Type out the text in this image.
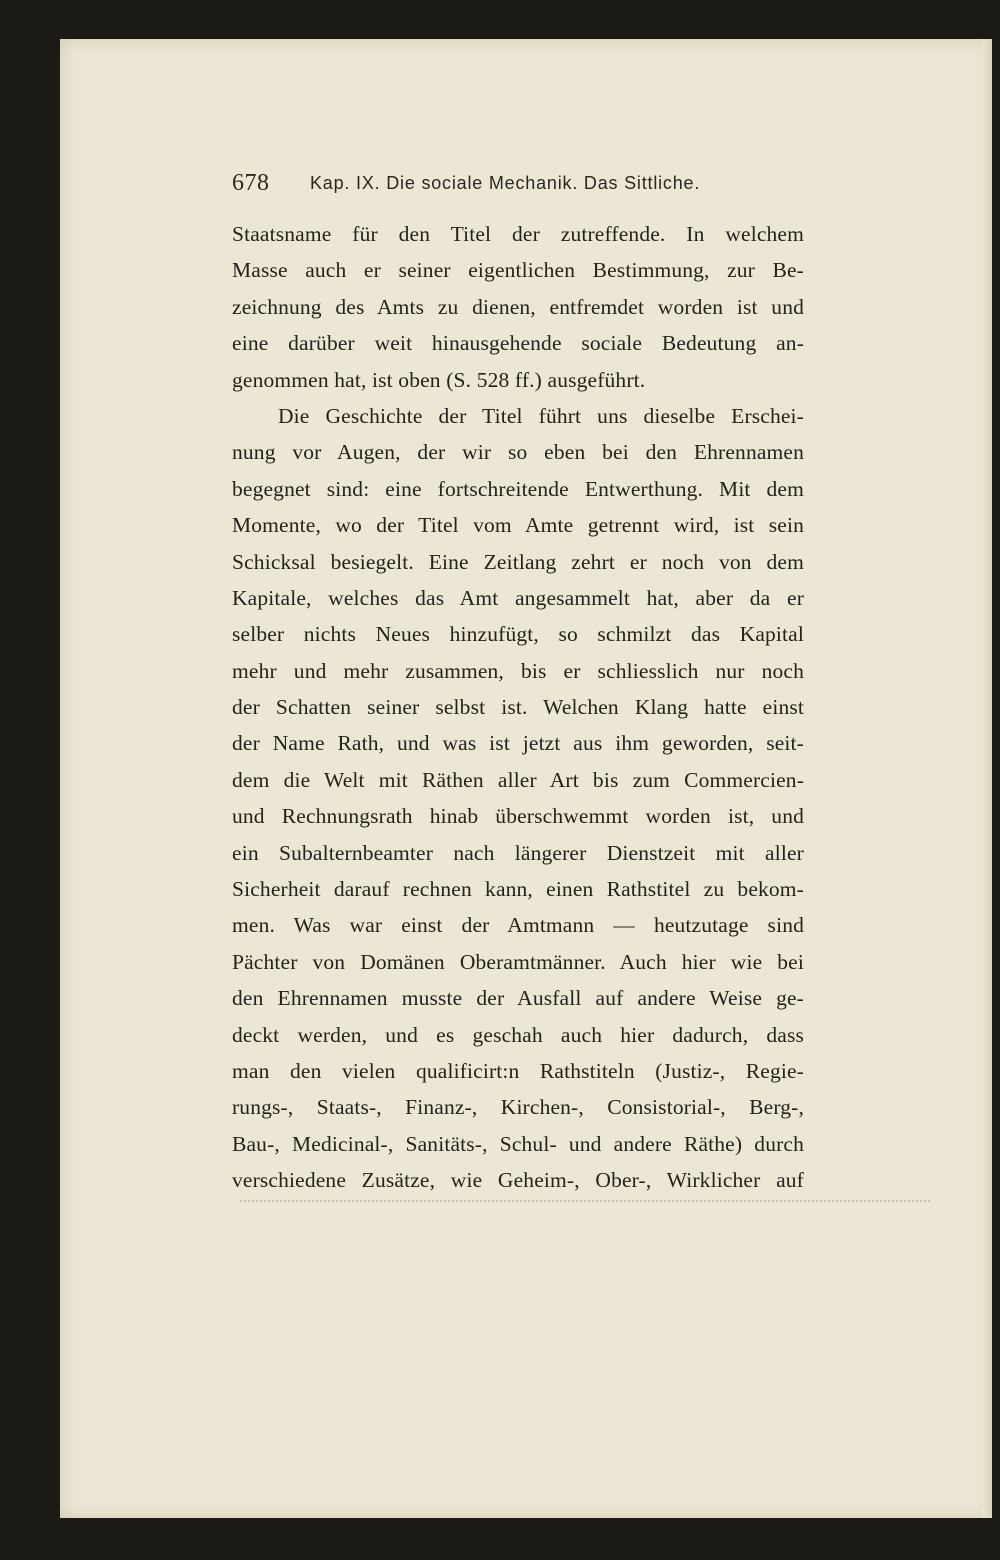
678 Kap. IX. Die sociale Mechanik. Das Sittliche.
Staatsname für den Titel der zutreffende. In welchem
Masse auch er seiner eigentlichen Bestimmung, zur Be-
zeichnung des Amts zu dienen, entfremdet worden ist und
eine darüber weit hinausgehende sociale Bedeutung an-
genommen hat, ist oben (S. 528 ff.) ausgeführt.
Die Geschichte der Titel führt uns dieselbe Erschei-
nung vor Augen, der wir so eben bei den Ehrennamen
begegnet sind: eine fortschreitende Entwerthung. Mit dem
Momente, wo der Titel vom Amte getrennt wird, ist sein
Schicksal besiegelt. Eine Zeitlang zehrt er noch von dem
Kapitale, welches das Amt angesammelt hat, aber da er
selber nichts Neues hinzufügt, so schmilzt das Kapital
mehr und mehr zusammen, bis er schliesslich nur noch
der Schatten seiner selbst ist. Welchen Klang hatte einst
der Name Rath, und was ist jetzt aus ihm geworden, seit-
dem die Welt mit Räthen aller Art bis zum Commercien-
und Rechnungsrath hinab überschwemmt worden ist, und
ein Subalternbeamter nach längerer Dienstzeit mit aller
Sicherheit darauf rechnen kann, einen Rathstitel zu bekom-
men. Was war einst der Amtmann — heutzutage sind
Pächter von Domänen Oberamtmänner. Auch hier wie bei
den Ehrennamen musste der Ausfall auf andere Weise ge-
deckt werden, und es geschah auch hier dadurch, dass
man den vielen qualificirt:n Rathstiteln (Justiz-, Regie-
rungs-, Staats-, Finanz-, Kirchen-, Consistorial-, Berg-,
Bau-, Medicinal-, Sanitäts-, Schul- und andere Räthe) durch
verschiedene Zusätze, wie Geheim-, Ober-, Wirklicher auf
